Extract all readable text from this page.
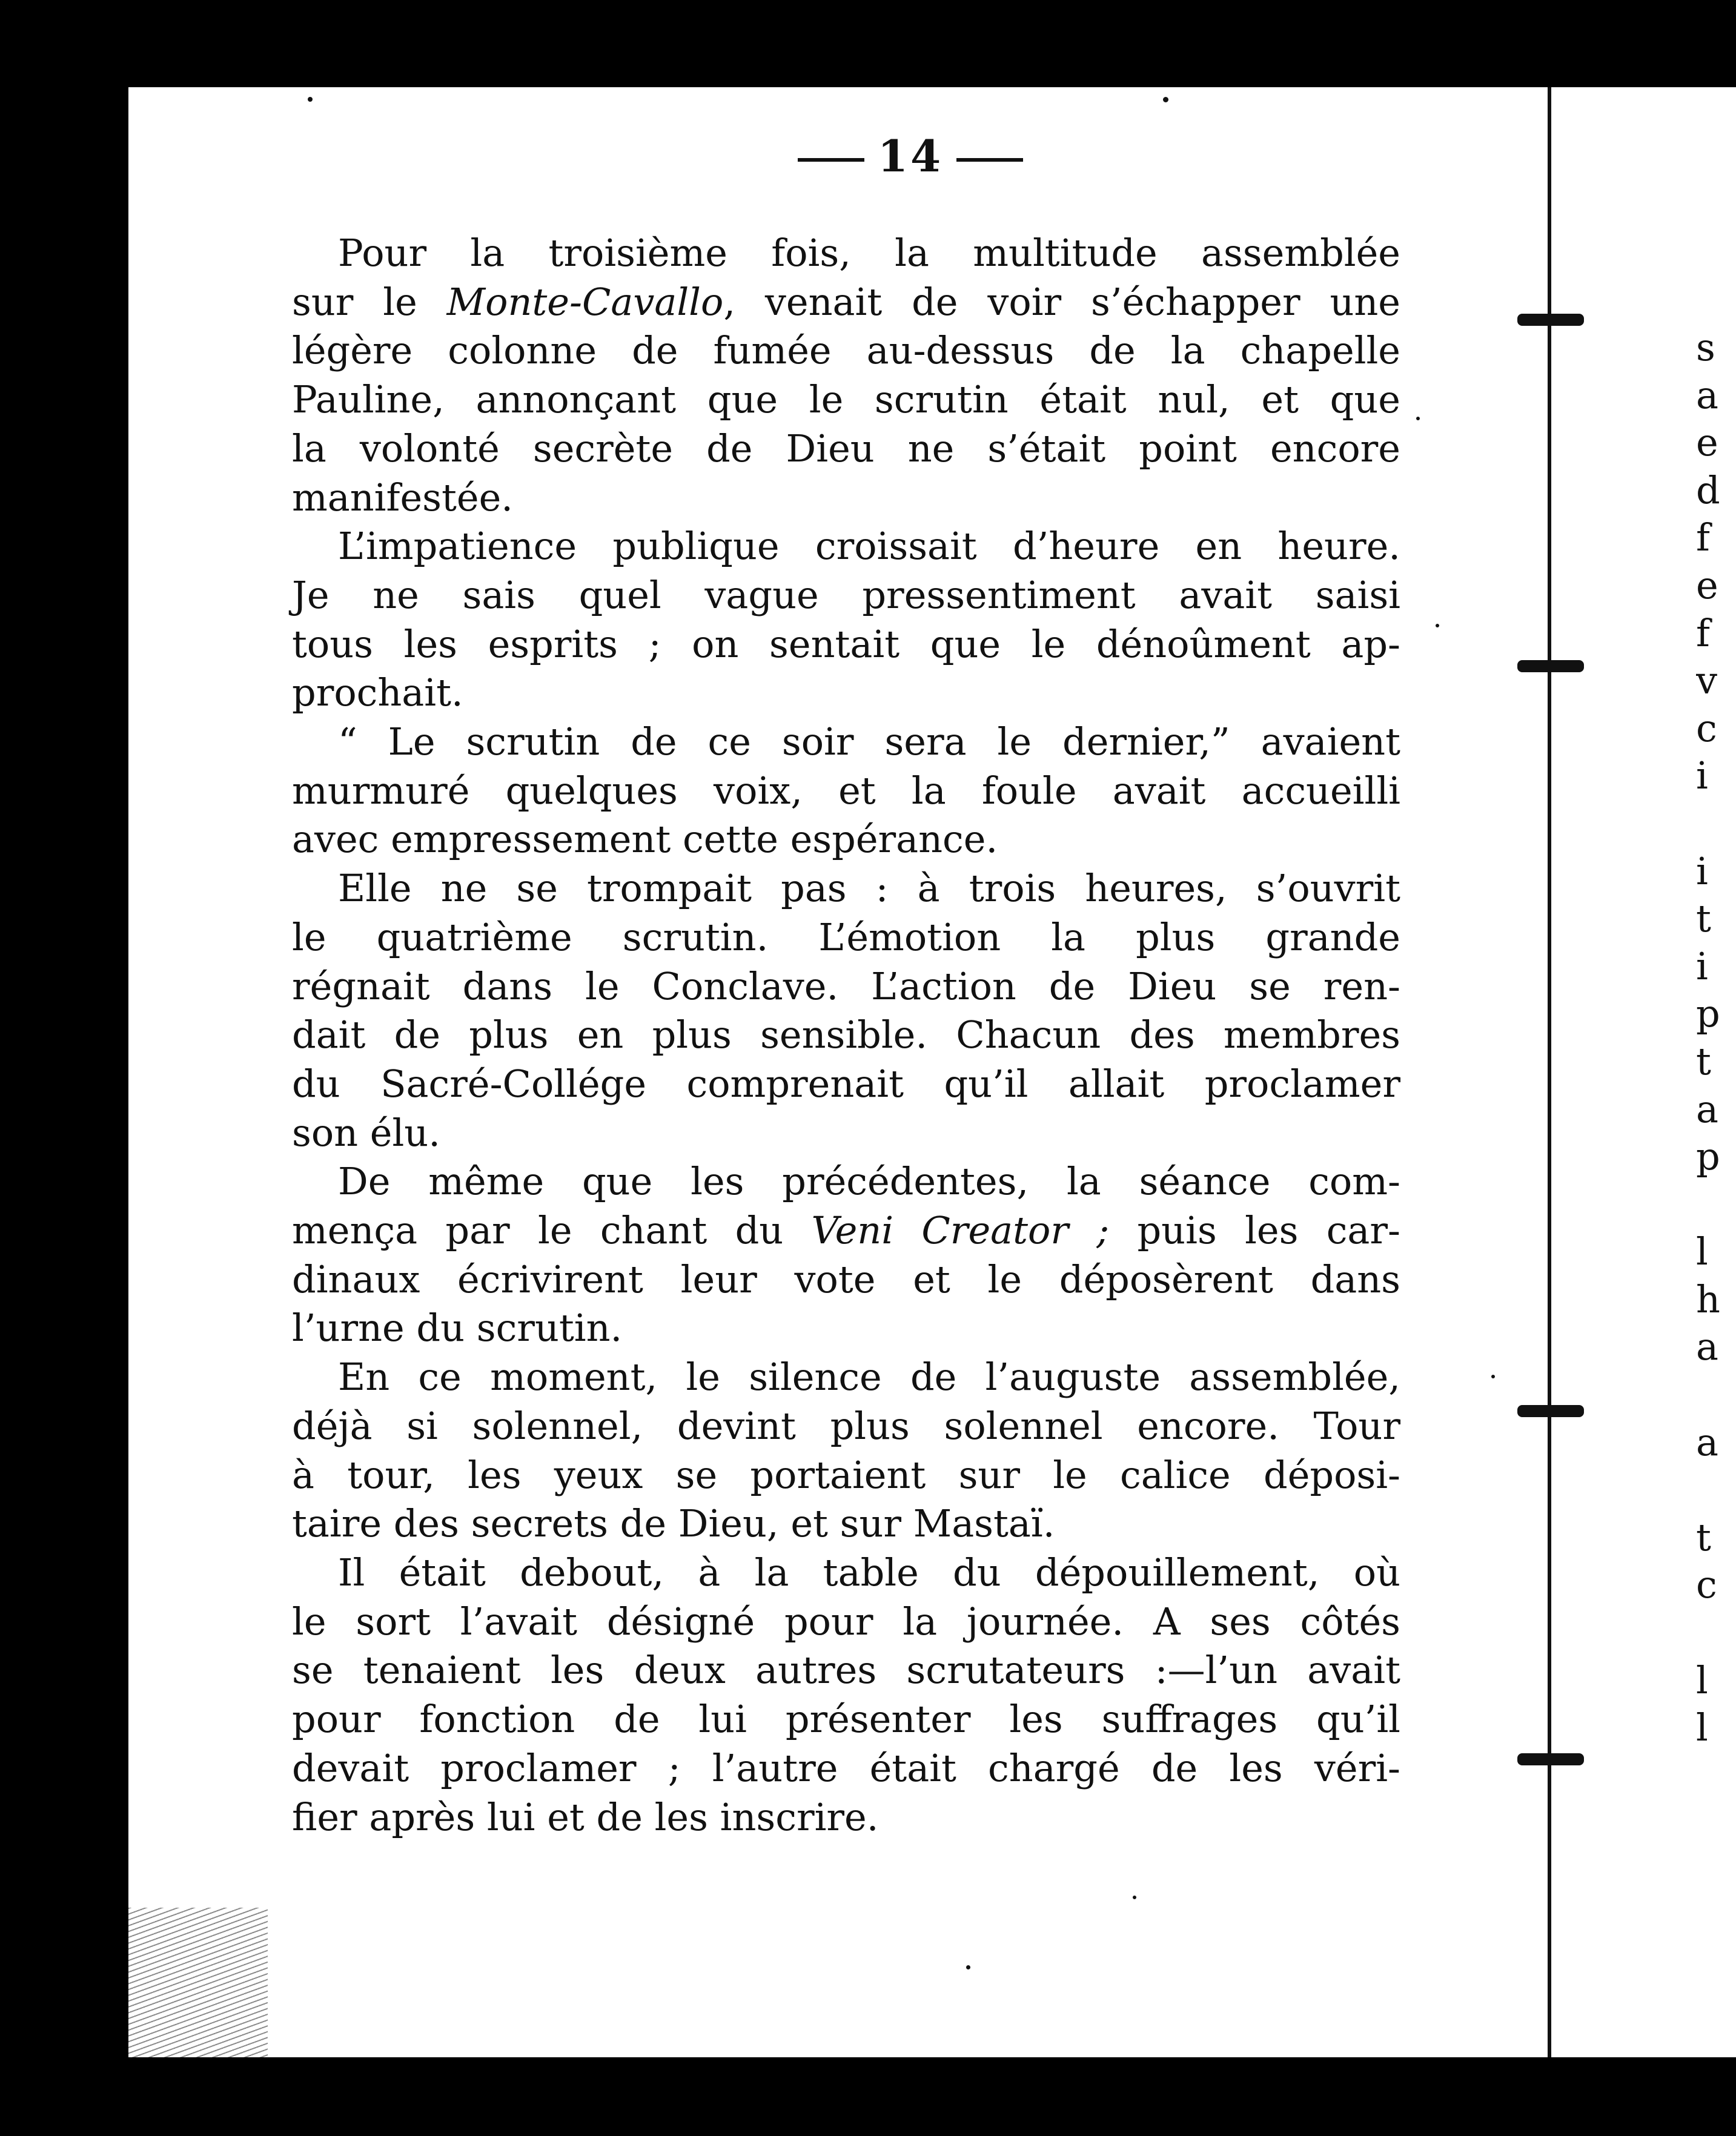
s
a
e
d
f
e
f
v
c
i
i
t
i
p
t
a
p
l
h
a
a
t
c
l
l
14
Pour la troisième fois, la multitude assemblée
sur le Monte-Cavallo, venait de voir s’échapper une
légère colonne de fumée au-dessus de la chapelle
Pauline, annonçant que le scrutin était nul, et que
la volonté secrète de Dieu ne s’était point encore
manifestée.
L’impatience publique croissait d’heure en heure.
Je ne sais quel vague pressentiment avait saisi
tous les esprits ; on sentait que le dénoûment ap-
prochait.
“ Le scrutin de ce soir sera le dernier,” avaient
murmuré quelques voix, et la foule avait accueilli
avec empressement cette espérance.
Elle ne se trompait pas : à trois heures, s’ouvrit
le quatrième scrutin. L’émotion la plus grande
régnait dans le Conclave. L’action de Dieu se ren-
dait de plus en plus sensible. Chacun des membres
du Sacré-Collége comprenait qu’il allait proclamer
son élu.
De même que les précédentes, la séance com-
mença par le chant du Veni Creator ; puis les car-
dinaux écrivirent leur vote et le déposèrent dans
l’urne du scrutin.
En ce moment, le silence de l’auguste assemblée,
déjà si solennel, devint plus solennel encore. Tour
à tour, les yeux se portaient sur le calice déposi-
taire des secrets de Dieu, et sur Mastaï.
Il était debout, à la table du dépouillement, où
le sort l’avait désigné pour la journée. A ses côtés
se tenaient les deux autres scrutateurs :—l’un avait
pour fonction de lui présenter les suffrages qu’il
devait proclamer ; l’autre était chargé de les véri-
fier après lui et de les inscrire.
